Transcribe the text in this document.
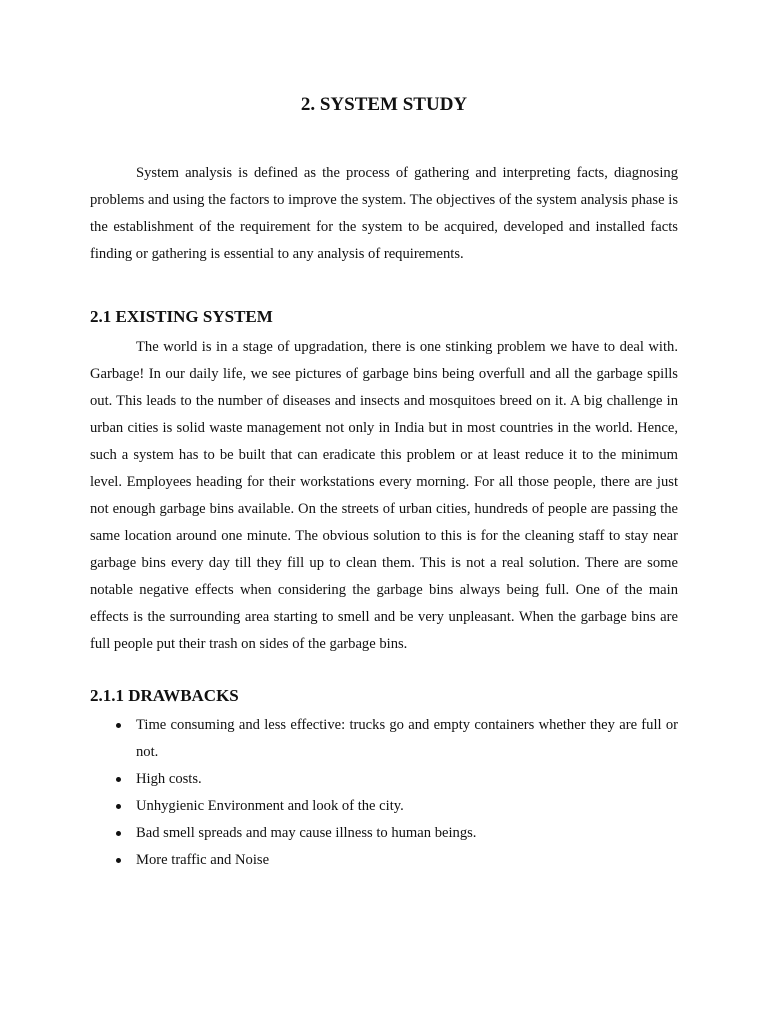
2. SYSTEM STUDY

System analysis is defined as the process of gathering and interpreting facts, diagnosing problems and using the factors to improve the system. The objectives of the system analysis phase is the establishment of the requirement for the system to be acquired, developed and installed facts finding or gathering is essential to any analysis of requirements.

2.1 EXISTING SYSTEM

The world is in a stage of upgradation, there is one stinking problem we have to deal with. Garbage! In our daily life, we see pictures of garbage bins being overfull and all the garbage spills out. This leads to the number of diseases and insects and mosquitoes breed on it. A big challenge in urban cities is solid waste management not only in India but in most countries in the world. Hence, such a system has to be built that can eradicate this problem or at least reduce it to the minimum level. Employees heading for their workstations every morning. For all those people, there are just not enough garbage bins available. On the streets of urban cities, hundreds of people are passing the same location around one minute. The obvious solution to this is for the cleaning staff to stay near garbage bins every day till they fill up to clean them. This is not a real solution. There are some notable negative effects when considering the garbage bins always being full. One of the main effects is the surrounding area starting to smell and be very unpleasant. When the garbage bins are full people put their trash on sides of the garbage bins.

2.1.1 DRAWBACKS
Time consuming and less effective: trucks go and empty containers whether they are full or not.
High costs.
Unhygienic Environment and look of the city.
Bad smell spreads and may cause illness to human beings.
More traffic and Noise
